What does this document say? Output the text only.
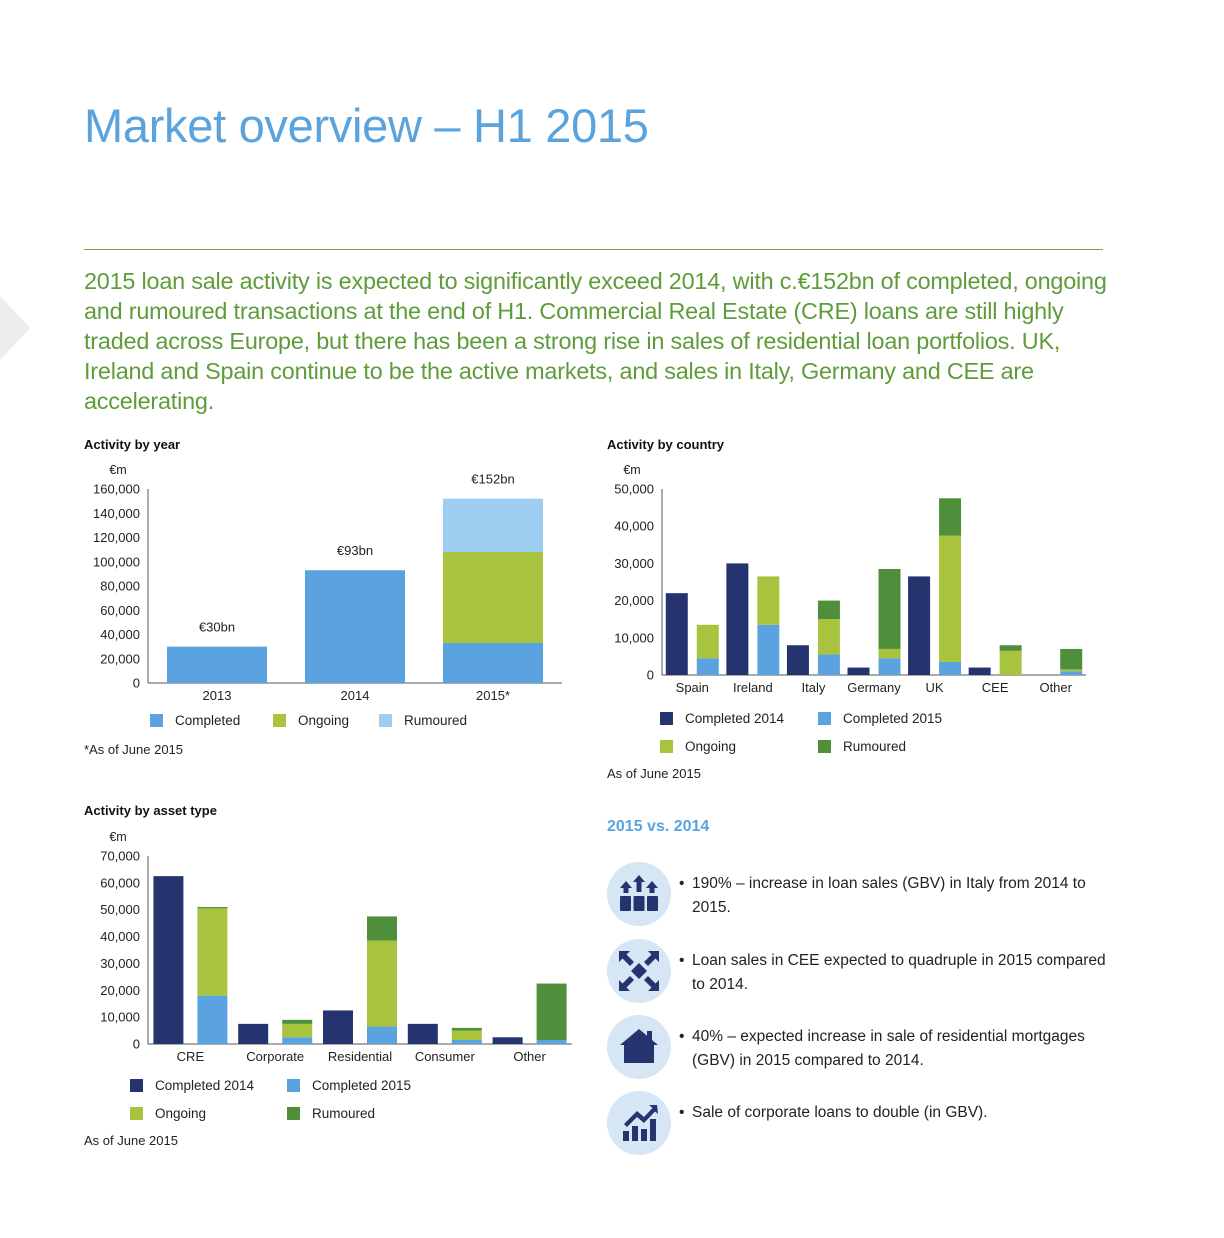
Market overview – H1 2015
2015 loan sale activity is expected to significantly exceed 2014, with c.€152bn of completed, ongoing and rumoured transactions at the end of H1. Commercial Real Estate (CRE) loans are still highly traded across Europe, but there has been a strong rise in sales of residential loan portfolios. UK, Ireland and Spain continue to be the active markets, and sales in Italy, Germany and CEE are accelerating.
Activity by year
€m
0
20,000
40,000
60,000
80,000
100,000
120,000
140,000
160,000
€30bn
2013
€93bn
2014
€152bn
2015*
Completed	Ongoing	Rumoured
*As of June 2015
Activity by country
€m
0
10,000
20,000
30,000
40,000
50,000
Spain Ireland Italy Germany UK	CEE Other
Completed 2014	Completed 2015
Ongoing	Rumoured
As of June 2015
Activity by asset type
€m
0
10,000
20,000
30,000
40,000
50,000
60,000
70,000
CRE	Corporate Residential Consumer	Other
Completed 2014	Completed 2015
Ongoing	Rumoured
As of June 2015
2015 vs. 2014
• 190% – increase in loan sales (GBV) in Italy from 2014 to 2015.
• Loan sales in CEE expected to quadruple in 2015 compared to 2014.
• 40% – expected increase in sale of residential mortgages (GBV) in 2015 compared to 2014.
• Sale of corporate loans to double (in GBV).
